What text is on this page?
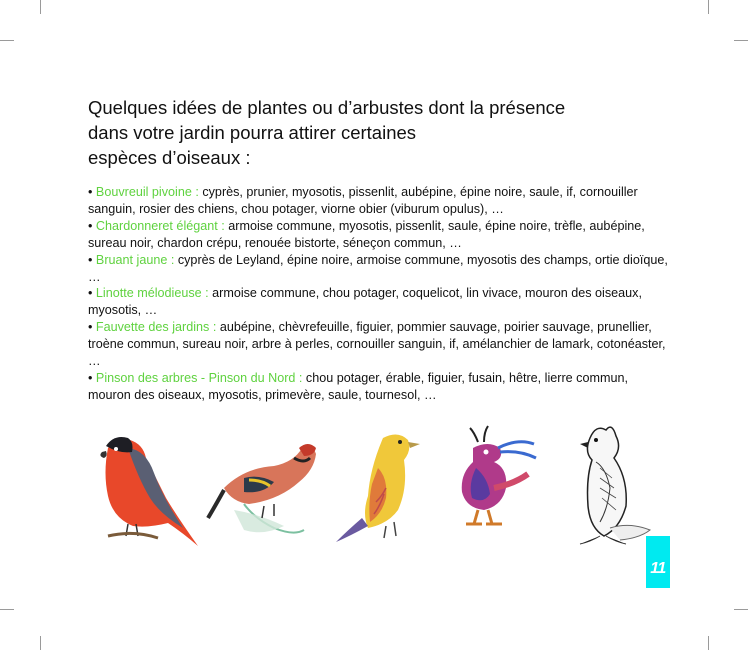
Quelques idées de plantes ou d’arbustes dont la présence
dans votre jardin pourra attirer certaines
espèces d’oiseaux :

• Bouvreuil pivoine : cyprès, prunier, myosotis, pissenlit, aubépine, épine noire, saule, if, cornouiller sanguin, rosier des chiens, chou potager, viorne obier (viburum opulus), …

• Chardonneret élégant : armoise commune, myosotis, pissenlit, saule, épine noire, trèfle, aubépine, sureau noir, chardon crépu, renouée bistorte, séneçon commun, …

• Bruant jaune : cyprès de Leyland, épine noire, armoise commune, myosotis des champs, ortie dioïque, …

• Linotte mélodieuse : armoise commune, chou potager, coquelicot, lin vivace, mouron des oiseaux, myosotis, …

• Fauvette des jardins : aubépine, chèvrefeuille, figuier, pommier sauvage, poirier sauvage, prunellier, troène commun, sureau noir, arbre à perles, cornouiller sanguin, if, amélanchier de lamark, cotonéaster, …

• Pinson des arbres - Pinson du Nord : chou potager, érable, figuier, fusain, hêtre, lierre commun, mouron des oiseaux, myosotis, primevère, saule, tournesol, …

11
